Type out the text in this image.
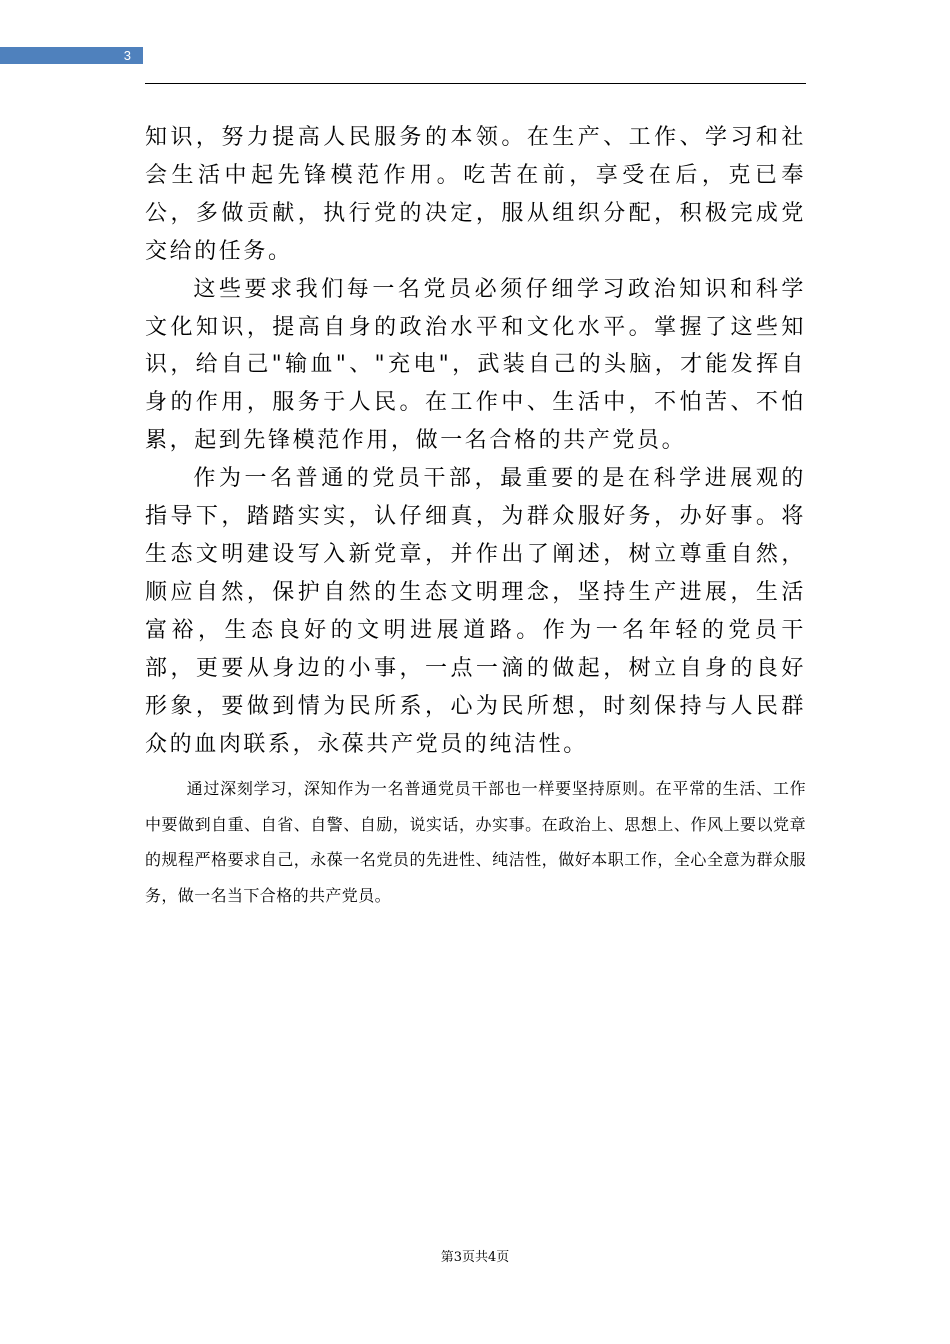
3

知识，努力提高人民服务的本领。在生产、工作、学习和社会生活中起先锋模范作用。吃苦在前，享受在后，克已奉公，多做贡献，执行党的决定，服从组织分配，积极完成党交给的任务。

这些要求我们每一名党员必须仔细学习政治知识和科学文化知识，提高自身的政治水平和文化水平。掌握了这些知识，给自己"输血"、"充电"，武装自己的头脑，才能发挥自身的作用，服务于人民。在工作中、生活中，不怕苦、不怕累，起到先锋模范作用，做一名合格的共产党员。

作为一名普通的党员干部，最重要的是在科学进展观的指导下，踏踏实实，认仔细真，为群众服好务，办好事。将生态文明建设写入新党章，并作出了阐述，树立尊重自然，顺应自然，保护自然的生态文明理念，坚持生产进展，生活富裕，生态良好的文明进展道路。作为一名年轻的党员干部，更要从身边的小事，一点一滴的做起，树立自身的良好形象，要做到情为民所系，心为民所想，时刻保持与人民群众的血肉联系，永葆共产党员的纯洁性。

通过深刻学习，深知作为一名普通党员干部也一样要坚持原则。在平常的生活、工作中要做到自重、自省、自警、自励，说实话，办实事。在政治上、思想上、作风上要以党章的规程严格要求自己，永葆一名党员的先进性、纯洁性，做好本职工作，全心全意为群众服务，做一名当下合格的共产党员。

第3页共4页
